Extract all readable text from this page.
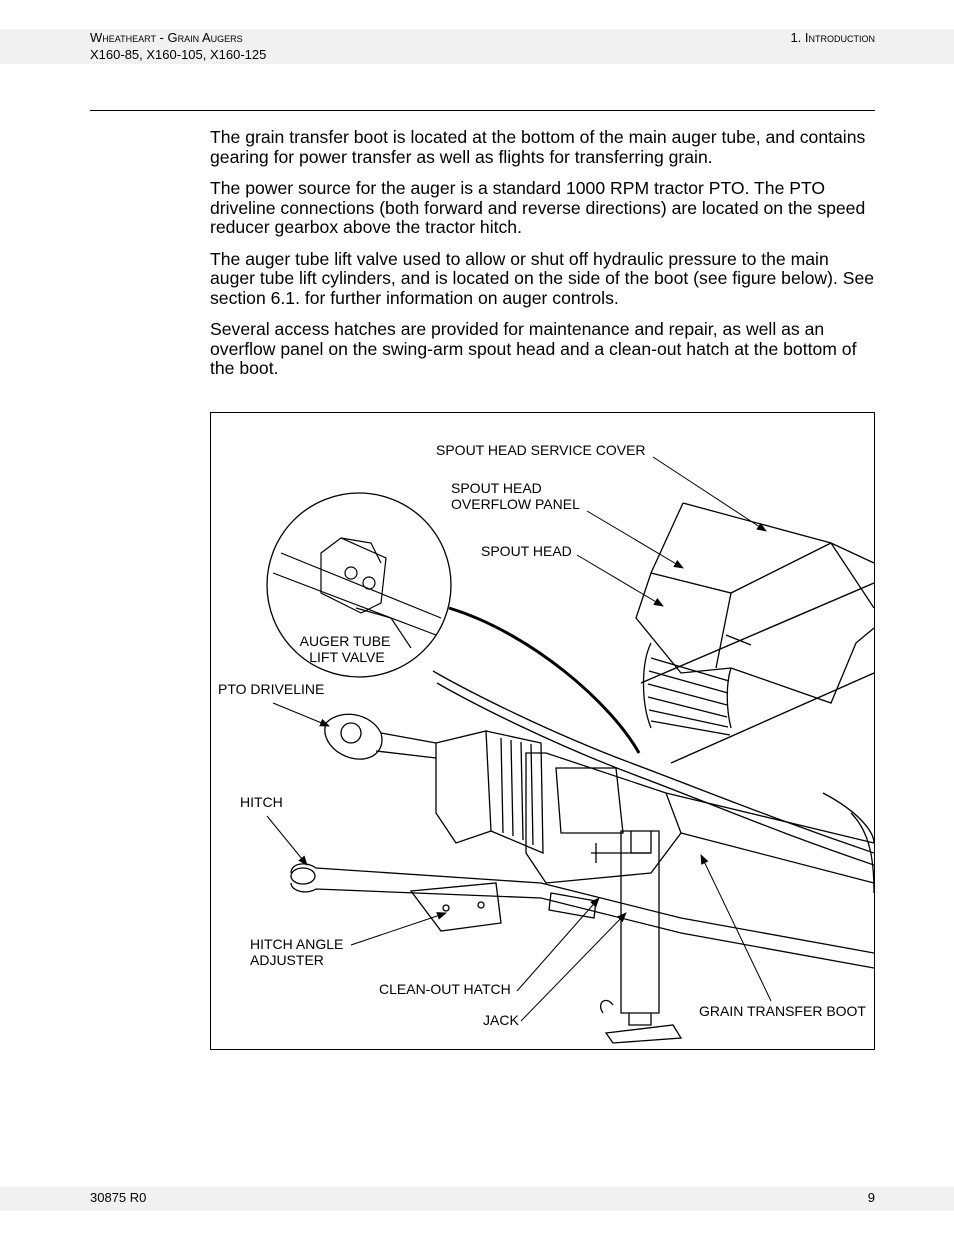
Wheatheart - Grain Augers
X160-85, X160-105, X160-125
1. Introduction

The grain transfer boot is located at the bottom of the main auger tube, and contains gearing for power transfer as well as flights for transferring grain.

The power source for the auger is a standard 1000 RPM tractor PTO. The PTO driveline connections (both forward and reverse directions) are located on the speed reducer gearbox above the tractor hitch.

The auger tube lift valve used to allow or shut off hydraulic pressure to the main auger tube lift cylinders, and is located on the side of the boot (see figure below). See section 6.1. for further information on auger controls.

Several access hatches are provided for maintenance and repair, as well as an overflow panel on the swing-arm spout head and a clean-out hatch at the bottom of the boot.

SPOUT HEAD SERVICE COVER
SPOUT HEAD
OVERFLOW PANEL
SPOUT HEAD
AUGER TUBE
LIFT VALVE
PTO DRIVELINE
HITCH
HITCH ANGLE
ADJUSTER
CLEAN-OUT HATCH
JACK
GRAIN TRANSFER BOOT
30875 R0	9
